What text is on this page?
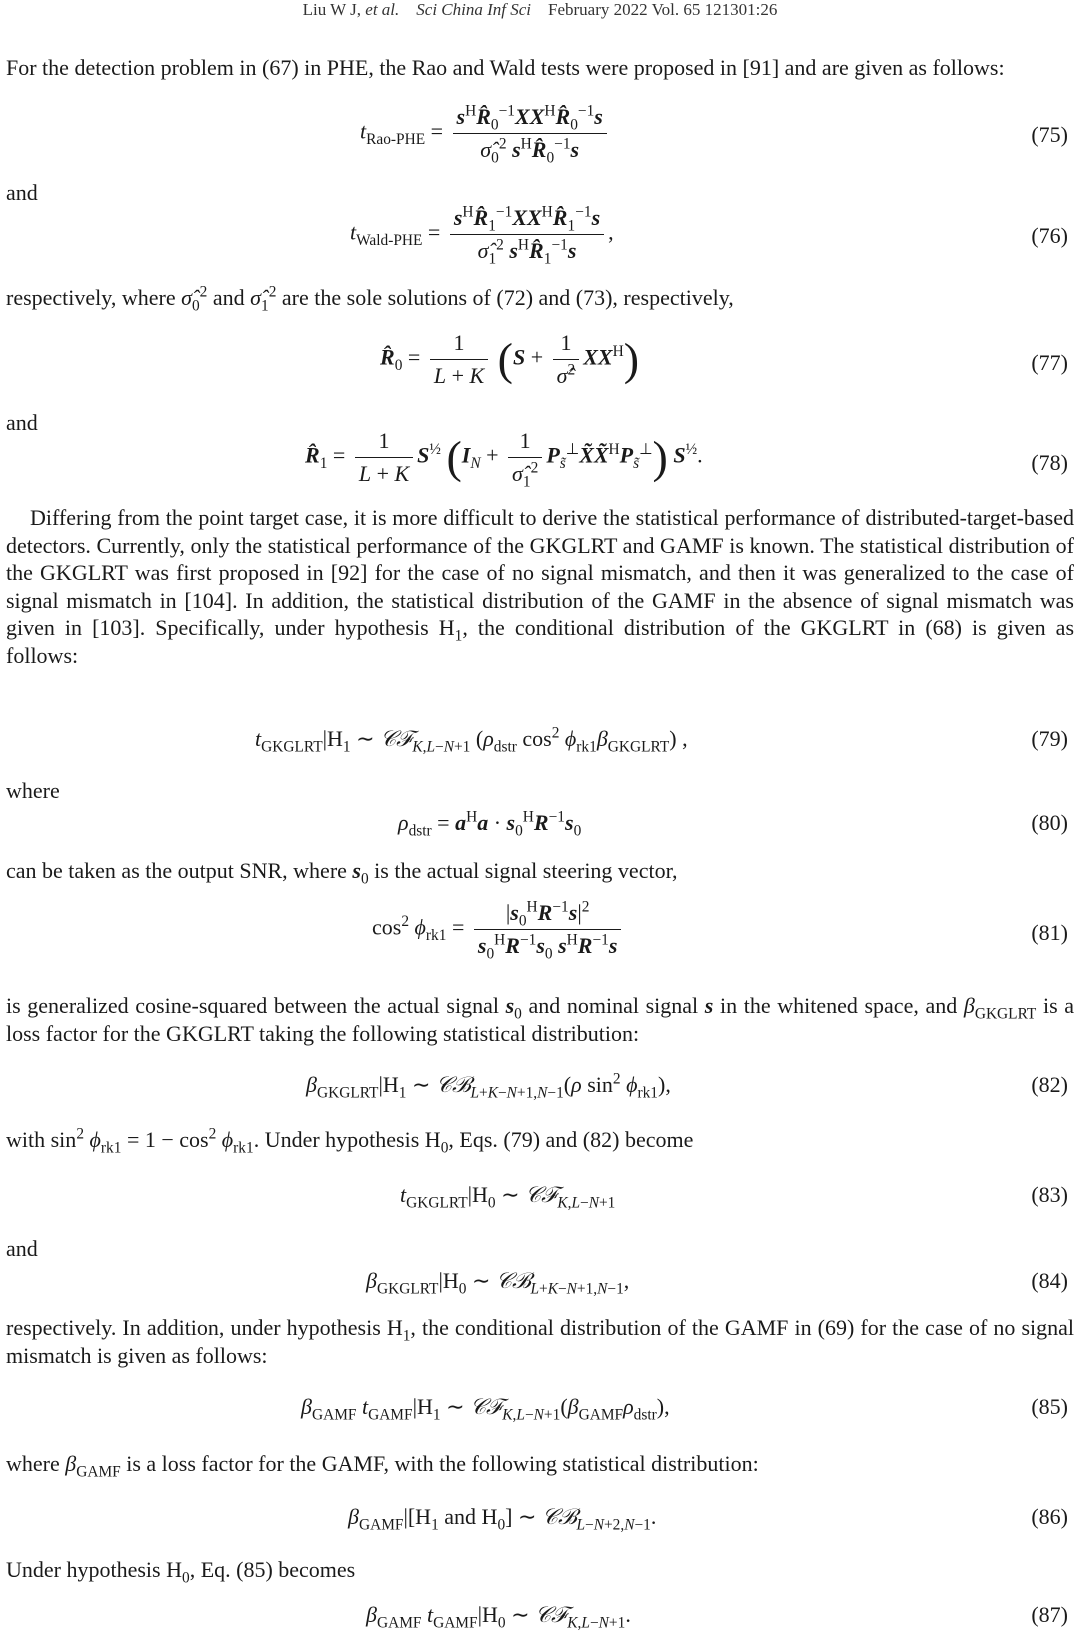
Liu W J, et al. Sci China Inf Sci February 2022 Vol. 65 121301:26
For the detection problem in (67) in PHE, the Rao and Wald tests were proposed in [91] and are given as follows:
$t_{Rao-PHE} = \frac{s^HR̂_0^{-1}XX^HR̂_0^{-1}s}{\sigmâ_0^2 s^HR̂_0^{-1}s}$	(75)
and
$t_{Wald-PHE} = \frac{s^HR̂_1^{-1}XX^HR̂_1^{-1}s}{\sigmâ_1^2 s^HR̂_1^{-1}s}$ ,	(76)
respectively, where $\sigmâ_0^2$ and $\sigmâ_1^2$ are the sole solutions of (72) and (73), respectively,
$R̂_0 = \frac{1}{L + K} (S + \frac{1}{\sigmâ^2} XX^H)$	(77)
and
$R̂_1 = \frac{1}{L + K} S^{\frac{1}{2}}$ ($I_N + \frac{1}{\sigmâ_1^2}$ $P_{s̃}^\perp X̃X̃^HP_{s̃}^\perp$) $S^{\frac{1}{2}}$.	(78)
Differing from the point target case, it is more difficult to derive the statistical performance of distributed-target-based detectors. Currently, only the statistical performance of the GKGLRT and GAMF is known. The statistical distribution of the GKGLRT was first proposed in [92] for the case of no signal mismatch, and then it was generalized to the case of signal mismatch in [104]. In addition, the statistical distribution of the GAMF in the absence of signal mismatch was given in [103]. Specifically, under hypothesis $H_1$, the conditional distribution of the GKGLRT in (68) is given as follows:
$t_{GKGLRT}|H_1$ ∼ 𝒞ℱ$_{K,L-N+1}$ ($\rho_{dstr}$ $\cos^2 \phi_{rk1}\beta_{GKGLRT}$) ,	(79)
where
$\rho_{dstr} = a^Ha \cdot s_0^HR^{-1}s_0$	(80)
can be taken as the output SNR, where $s_0$ is the actual signal steering vector,
$\cos^2 \phi_{rk1} = \frac{|s_0^HR^{-1}s|^2}{s_0^HR^{-1}s_0 s^HR^{-1}s}$	(81)
is generalized cosine-squared between the actual signal $s_0$ and nominal signal s in the whitened space, and $\beta_{GKGLRT}$ is a loss factor for the GKGLRT taking the following statistical distribution:
$\beta_{GKGLRT}|H_1$ ∼ 𝒞ℬ$_{L+K-N+1,N-1}$(ρ $\sin^2 \phi_{rk1}$),	(82)
with $\sin^2 \phi_{rk1} = 1 - \cos^2 \phi_{rk1}$. Under hypothesis $H_0$, Eqs. (79) and (82) become
$t_{GKGLRT}|H_0$ ∼ 𝒞ℱ$_{K,L-N+1}$	(83)
and
$\beta_{GKGLRT}|H_0$ ∼ 𝒞ℬ$_{L+K-N+1,N-1}$,	(84)
respectively. In addition, under hypothesis $H_1$, the conditional distribution of the GAMF in (69) for the case of no signal mismatch is given as follows:
$\beta_{GAMF}$ $t_{GAMF}|H_1$ ∼ $𝒞ℱ_{K,L-N+1}(\beta_{GAMF}\rho_{dstr})$,	(85)
where $\beta_{GAMF}$ is a loss factor for the GAMF, with the following statistical distribution:
$\beta_{GAMF}|[H_1$ and $H_0$] ∼ 𝒞ℬ$_{L-N+2,N-1}$.	(86)
Under hypothesis $H_0$, Eq. (85) becomes
$\beta_{GAMF}$ $t_{GAMF}|H_0$ ∼ 𝒞ℱ$_{K,L-N+1}$.	(87)
